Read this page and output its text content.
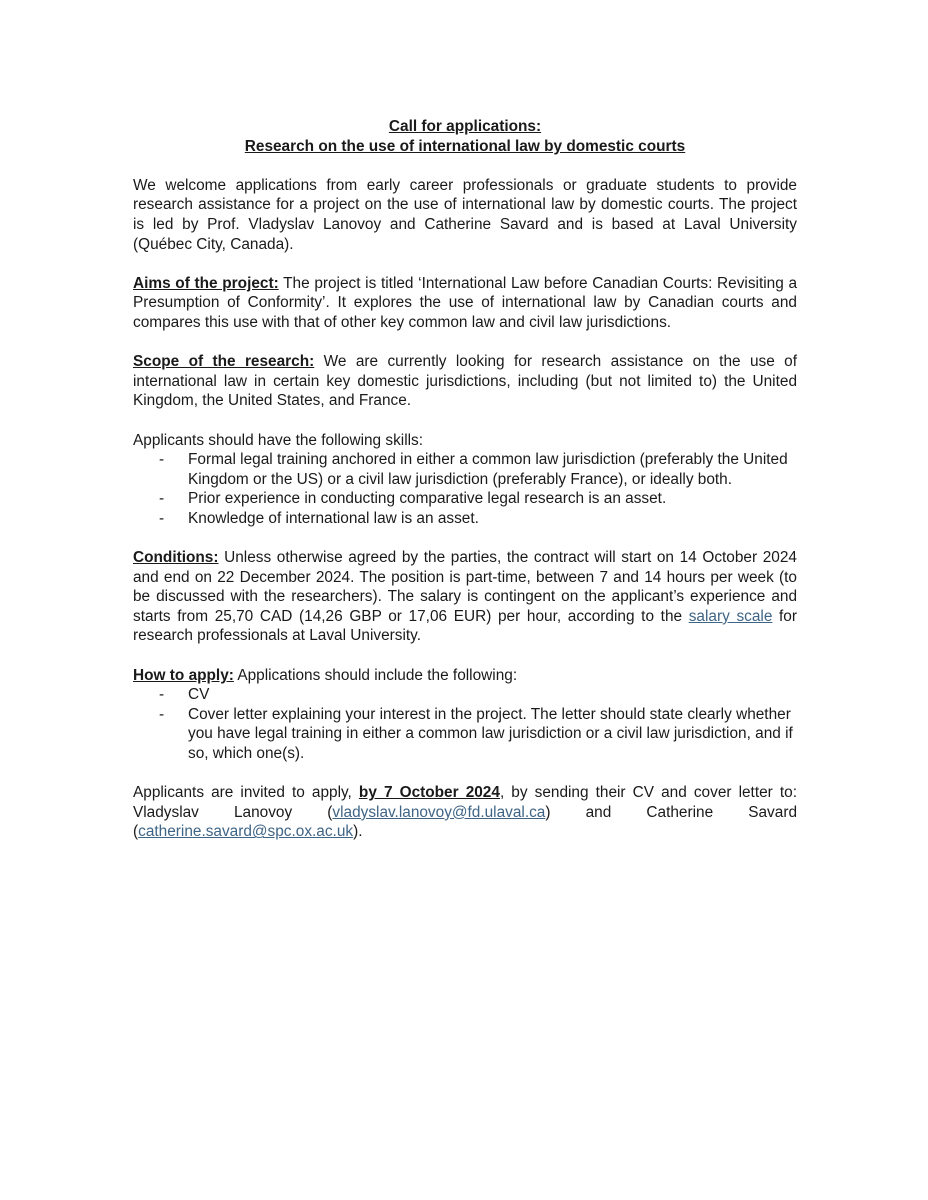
Call for applications:

Research on the use of international law by domestic courts

We welcome applications from early career professionals or graduate students to provide research assistance for a project on the use of international law by domestic courts. The project is led by Prof. Vladyslav Lanovoy and Catherine Savard and is based at Laval University (Québec City, Canada).

Aims of the project: The project is titled ‘International Law before Canadian Courts: Revisiting a Presumption of Conformity’. It explores the use of international law by Canadian courts and compares this use with that of other key common law and civil law jurisdictions.

Scope of the research: We are currently looking for research assistance on the use of international law in certain key domestic jurisdictions, including (but not limited to) the United Kingdom, the United States, and France.

Applicants should have the following skills:

- Formal legal training anchored in either a common law jurisdiction (preferably the United Kingdom or the US) or a civil law jurisdiction (preferably France), or ideally both.
- Prior experience in conducting comparative legal research is an asset.
- Knowledge of international law is an asset.

Conditions: Unless otherwise agreed by the parties, the contract will start on 14 October 2024 and end on 22 December 2024. The position is part-time, between 7 and 14 hours per week (to be discussed with the researchers). The salary is contingent on the applicant’s experience and starts from 25,70 CAD (14,26 GBP or 17,06 EUR) per hour, according to the salary scale for research professionals at Laval University.

How to apply: Applications should include the following:

- CV
- Cover letter explaining your interest in the project. The letter should state clearly whether you have legal training in either a common law jurisdiction or a civil law jurisdiction, and if so, which one(s).

Applicants are invited to apply, by 7 October 2024, by sending their CV and cover letter to: Vladyslav Lanovoy (vladyslav.lanovoy@fd.ulaval.ca) and Catherine Savard (catherine.savard@spc.ox.ac.uk).
